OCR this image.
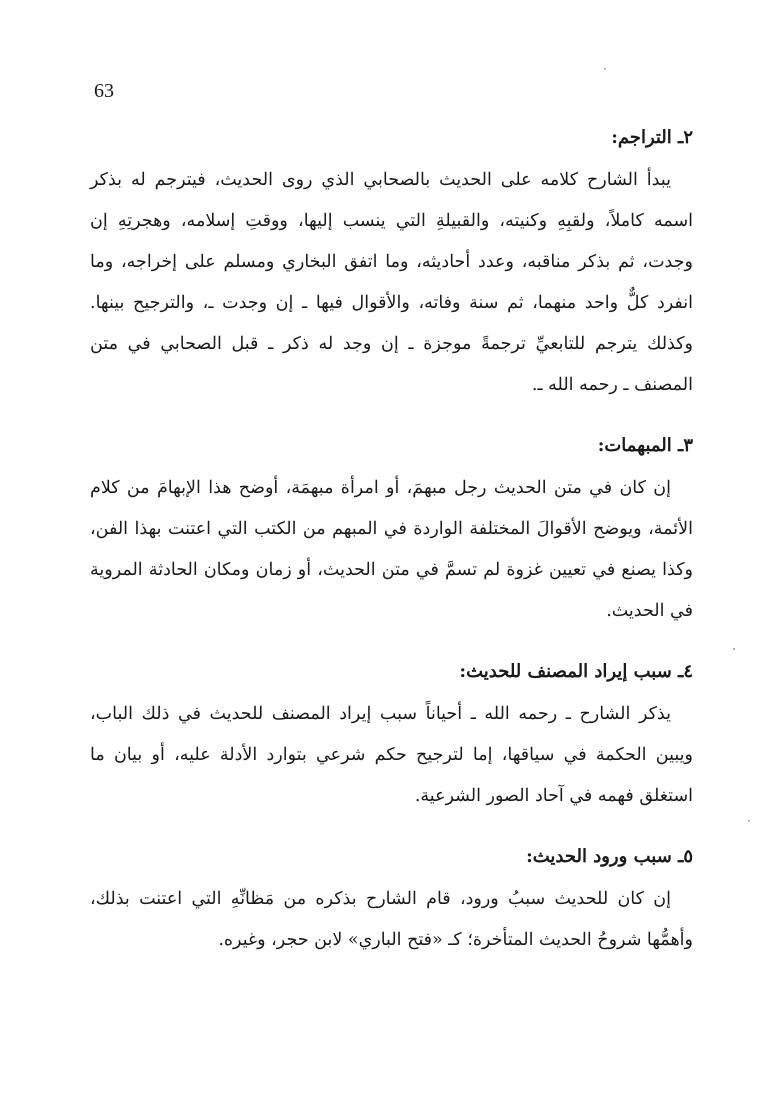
63
٢ـ التراجم:

يبدأ الشارح كلامه على الحديث بالصحابي الذي روى الحديث، فيترجم له بذكر اسمه كاملاً، ولقبِهِ وكنيته، والقبيلةِ التي ينسب إليها، ووقتِ إسلامه، وهجرتِهِ إن وجدت، ثم بذكر مناقبه، وعدد أحاديثه، وما اتفق البخاري ومسلم على إخراجه، وما انفرد كلٌّ واحد منهما، ثم سنة وفاته، والأقوال فيها ـ إن وجدت ـ، والترجيح بينها. وكذلك يترجم للتابعيِّ ترجمةً موجزة ـ إن وجد له ذكر ـ قبل الصحابي في متن المصنف ـ رحمه الله ـ.

٣ـ المبهمات:

إن كان في متن الحديث رجل مبهمَ، أو امرأة مبهمَة، أوضح هذا الإبهامَ من كلام الأئمة، ويوضح الأقوالَ المختلفة الواردة في المبهم من الكتب التي اعتنت بهذا الفن، وكذا يصنع في تعيين غزوة لم تسمَّ في متن الحديث، أو زمان ومكان الحادثة المروية في الحديث.

٤ـ سبب إيراد المصنف للحديث:

يذكر الشارح ـ رحمه الله ـ أحياناً سبب إيراد المصنف للحديث في ذلك الباب، ويبين الحكمة في سياقها، إما لترجيح حكم شرعي بتوارد الأدلة عليه، أو بيان ما استغلق فهمه في آحاد الصور الشرعية.

٥ـ سبب ورود الحديث:

إن كان للحديث سببُ ورود، قام الشارح بذكره من مَظانِّهِ التي اعتنت بذلك، وأهمُّها شروحُ الحديث المتأخرة؛ كـ «فتح الباري» لابن حجر، وغيره.
